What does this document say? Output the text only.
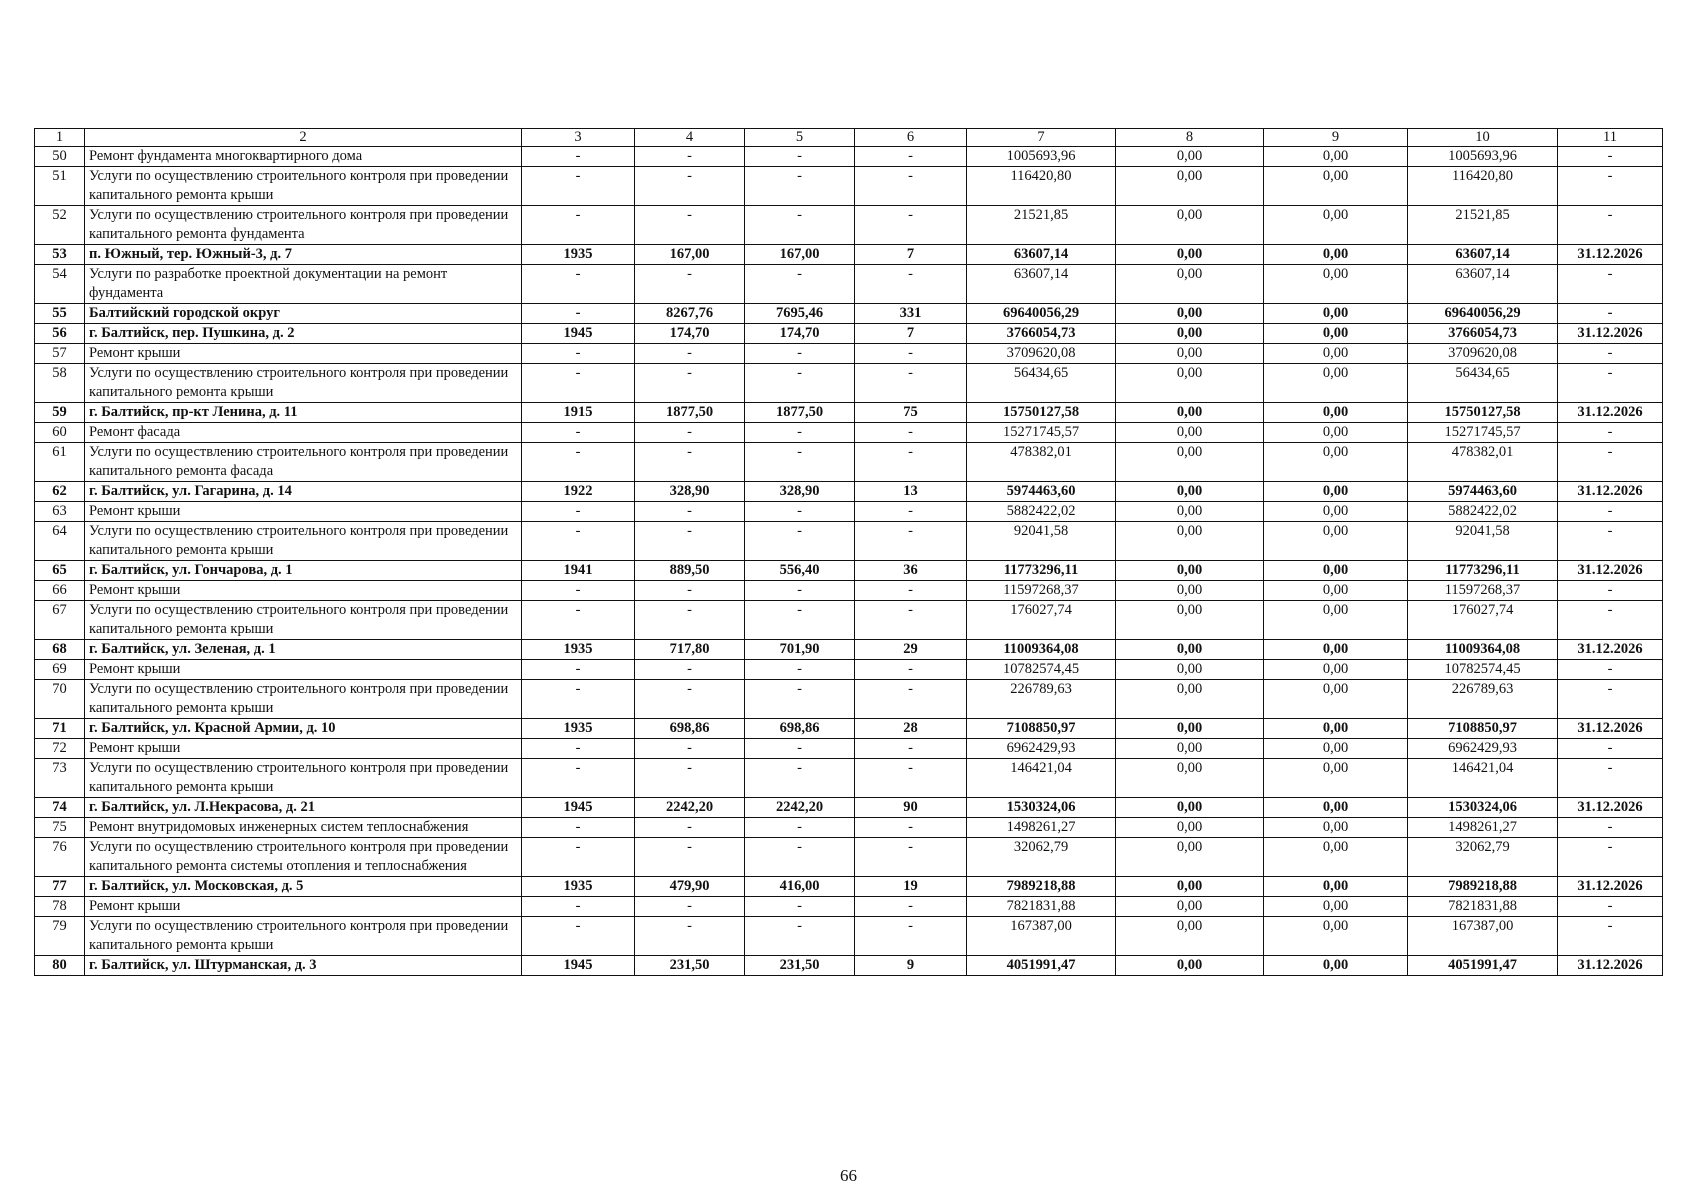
1	2	3	4	5	6	7	8	9	10	11
50	Ремонт фундамента многоквартирного дома	-	-	-	-	1005693,96	0,00	0,00	1005693,96	-
51	Услуги по осуществлению строительного контроля при проведении капитального ремонта крыши	-	-	-	-	116420,80	0,00	0,00	116420,80	-
52	Услуги по осуществлению строительного контроля при проведении капитального ремонта фундамента	-	-	-	-	21521,85	0,00	0,00	21521,85	-
53	п. Южный, тер. Южный-3, д. 7	1935	167,00	167,00	7	63607,14	0,00	0,00	63607,14	31.12.2026
54	Услуги по разработке проектной документации на ремонт фундамента	-	-	-	-	63607,14	0,00	0,00	63607,14	-
55	Балтийский городской округ	-	8267,76	7695,46	331	69640056,29	0,00	0,00	69640056,29	-
56	г. Балтийск, пер. Пушкина, д. 2	1945	174,70	174,70	7	3766054,73	0,00	0,00	3766054,73	31.12.2026
57	Ремонт крыши	-	-	-	-	3709620,08	0,00	0,00	3709620,08	-
58	Услуги по осуществлению строительного контроля при проведении капитального ремонта крыши	-	-	-	-	56434,65	0,00	0,00	56434,65	-
59	г. Балтийск, пр-кт Ленина, д. 11	1915	1877,50	1877,50	75	15750127,58	0,00	0,00	15750127,58	31.12.2026
60	Ремонт фасада	-	-	-	-	15271745,57	0,00	0,00	15271745,57	-
61	Услуги по осуществлению строительного контроля при проведении капитального ремонта фасада	-	-	-	-	478382,01	0,00	0,00	478382,01	-
62	г. Балтийск, ул. Гагарина, д. 14	1922	328,90	328,90	13	5974463,60	0,00	0,00	5974463,60	31.12.2026
63	Ремонт крыши	-	-	-	-	5882422,02	0,00	0,00	5882422,02	-
64	Услуги по осуществлению строительного контроля при проведении капитального ремонта крыши	-	-	-	-	92041,58	0,00	0,00	92041,58	-
65	г. Балтийск, ул. Гончарова, д. 1	1941	889,50	556,40	36	11773296,11	0,00	0,00	11773296,11	31.12.2026
66	Ремонт крыши	-	-	-	-	11597268,37	0,00	0,00	11597268,37	-
67	Услуги по осуществлению строительного контроля при проведении капитального ремонта крыши	-	-	-	-	176027,74	0,00	0,00	176027,74	-
68	г. Балтийск, ул. Зеленая, д. 1	1935	717,80	701,90	29	11009364,08	0,00	0,00	11009364,08	31.12.2026
69	Ремонт крыши	-	-	-	-	10782574,45	0,00	0,00	10782574,45	-
70	Услуги по осуществлению строительного контроля при проведении капитального ремонта крыши	-	-	-	-	226789,63	0,00	0,00	226789,63	-
71	г. Балтийск, ул. Красной Армии, д. 10	1935	698,86	698,86	28	7108850,97	0,00	0,00	7108850,97	31.12.2026
72	Ремонт крыши	-	-	-	-	6962429,93	0,00	0,00	6962429,93	-
73	Услуги по осуществлению строительного контроля при проведении капитального ремонта крыши	-	-	-	-	146421,04	0,00	0,00	146421,04	-
74	г. Балтийск, ул. Л.Некрасова, д. 21	1945	2242,20	2242,20	90	1530324,06	0,00	0,00	1530324,06	31.12.2026
75	Ремонт внутридомовых инженерных систем теплоснабжения	-	-	-	-	1498261,27	0,00	0,00	1498261,27	-
76	Услуги по осуществлению строительного контроля при проведении капитального ремонта системы отопления и теплоснабжения	-	-	-	-	32062,79	0,00	0,00	32062,79	-
77	г. Балтийск, ул. Московская, д. 5	1935	479,90	416,00	19	7989218,88	0,00	0,00	7989218,88	31.12.2026
78	Ремонт крыши	-	-	-	-	7821831,88	0,00	0,00	7821831,88	-
79	Услуги по осуществлению строительного контроля при проведении капитального ремонта крыши	-	-	-	-	167387,00	0,00	0,00	167387,00	-
80	г. Балтийск, ул. Штурманская, д. 3	1945	231,50	231,50	9	4051991,47	0,00	0,00	4051991,47	31.12.2026
66
